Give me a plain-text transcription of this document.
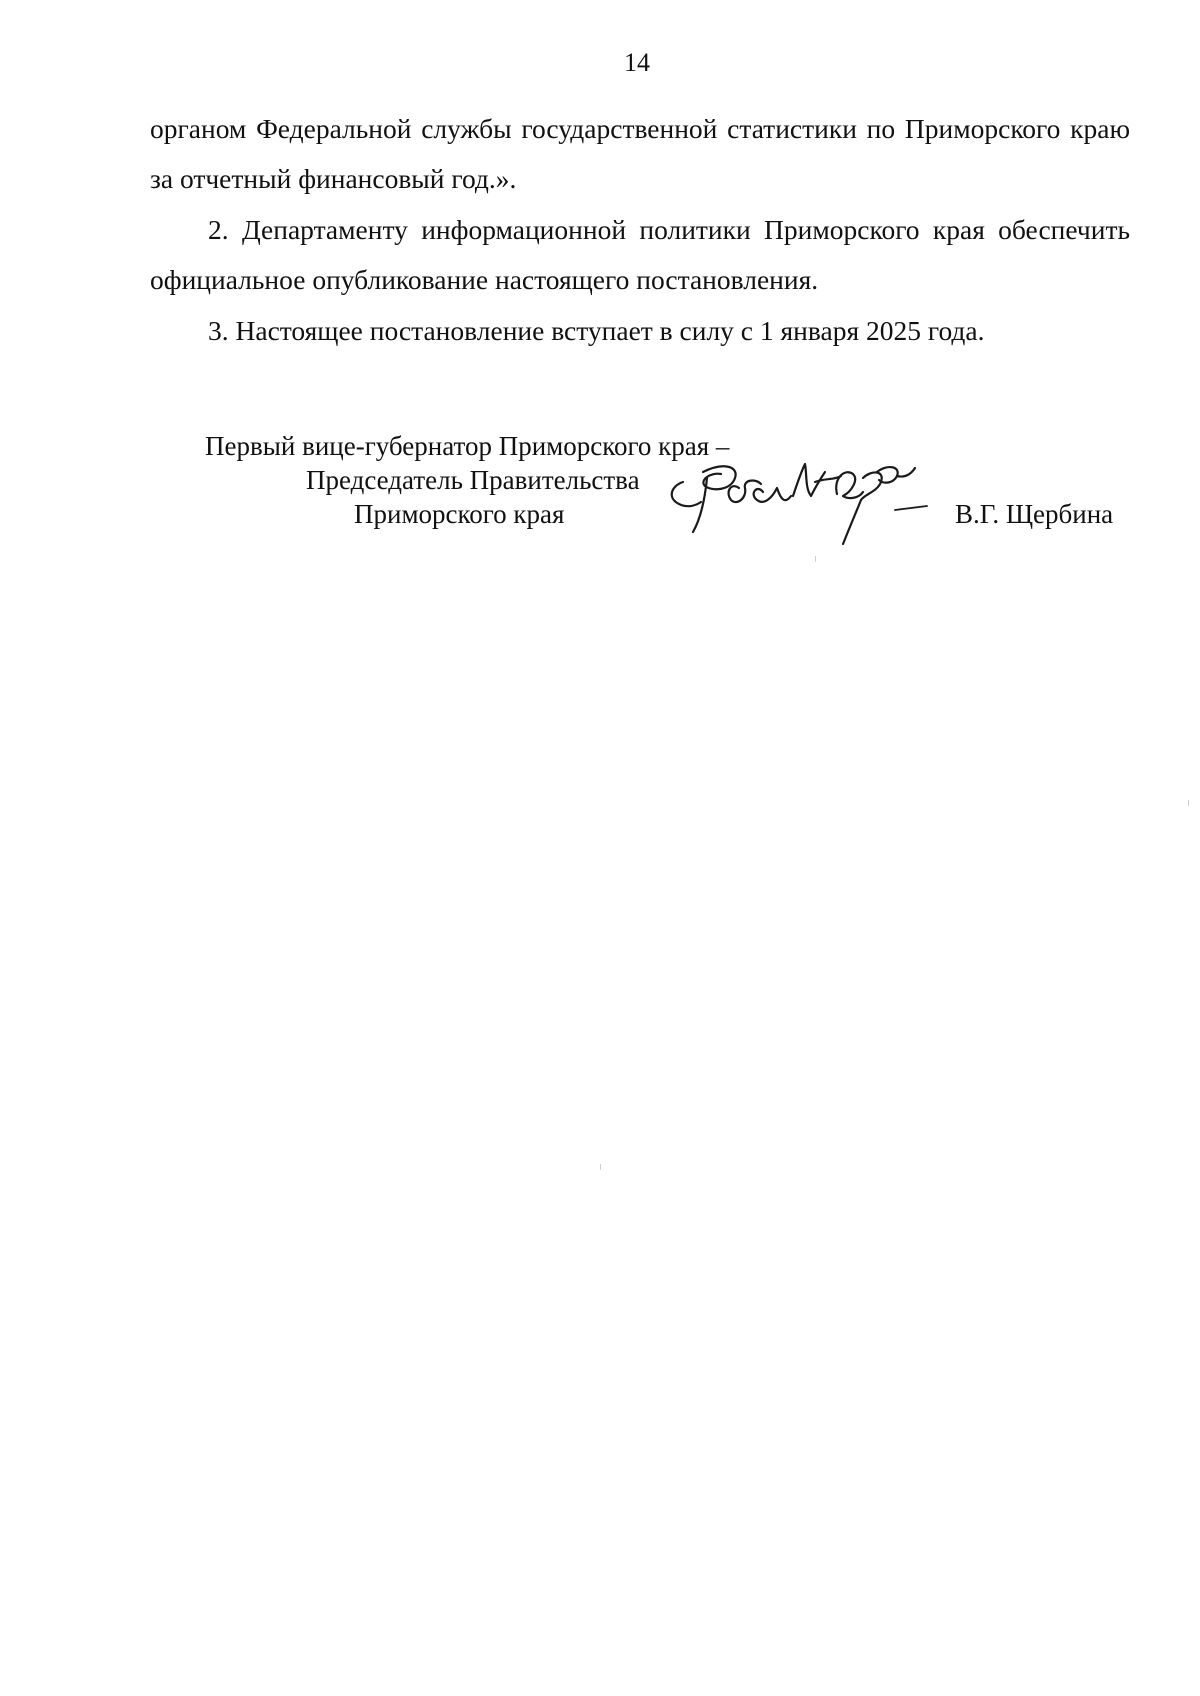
14

органом Федеральной службы государственной статистики по Приморского краю за отчетный финансовый год.».

2. Департаменту информационной политики Приморского края обеспечить официальное опубликование настоящего постановления.

3. Настоящее постановление вступает в силу с 1 января 2025 года.

Первый вице-губернатор Приморского края –
Председатель Правительства
Приморского края	В.Г. Щербина
